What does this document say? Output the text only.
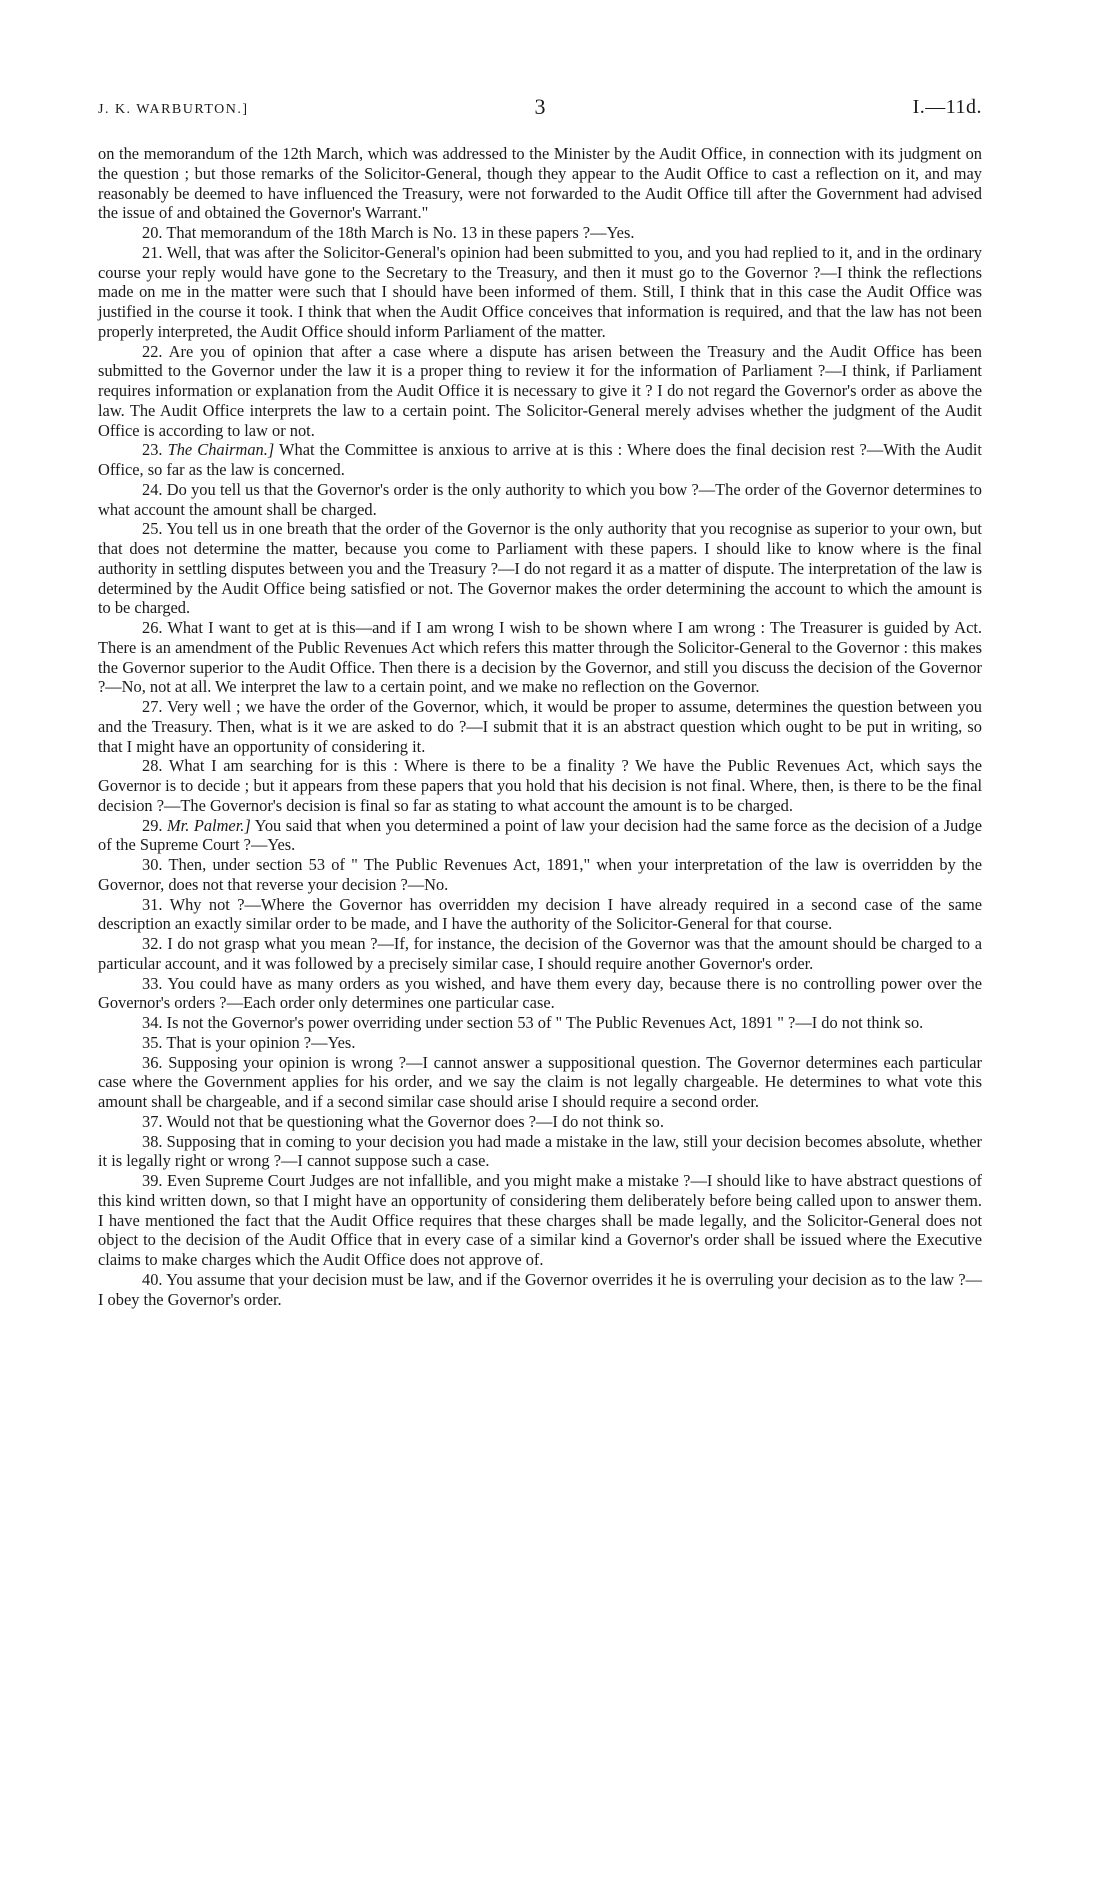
J. K. WARBURTON.]	3	I.—11d.

on the memorandum of the 12th March, which was addressed to the Minister by the Audit Office, in connection with its judgment on the question ; but those remarks of the Solicitor-General, though they appear to the Audit Office to cast a reflection on it, and may reasonably be deemed to have influenced the Treasury, were not forwarded to the Audit Office till after the Government had advised the issue of and obtained the Governor's Warrant."

20. That memorandum of the 18th March is No. 13 in these papers ?—Yes.

21. Well, that was after the Solicitor-General's opinion had been submitted to you, and you had replied to it, and in the ordinary course your reply would have gone to the Secretary to the Treasury, and then it must go to the Governor ?—I think the reflections made on me in the matter were such that I should have been informed of them. Still, I think that in this case the Audit Office was justified in the course it took. I think that when the Audit Office conceives that information is required, and that the law has not been properly interpreted, the Audit Office should inform Parliament of the matter.

22. Are you of opinion that after a case where a dispute has arisen between the Treasury and the Audit Office has been submitted to the Governor under the law it is a proper thing to review it for the information of Parliament ?—I think, if Parliament requires information or explanation from the Audit Office it is necessary to give it ? I do not regard the Governor's order as above the law. The Audit Office interprets the law to a certain point. The Solicitor-General merely advises whether the judgment of the Audit Office is according to law or not.

23. The Chairman.] What the Committee is anxious to arrive at is this : Where does the final decision rest ?—With the Audit Office, so far as the law is concerned.

24. Do you tell us that the Governor's order is the only authority to which you bow ?—The order of the Governor determines to what account the amount shall be charged.

25. You tell us in one breath that the order of the Governor is the only authority that you recognise as superior to your own, but that does not determine the matter, because you come to Parliament with these papers. I should like to know where is the final authority in settling disputes between you and the Treasury ?—I do not regard it as a matter of dispute. The interpretation of the law is determined by the Audit Office being satisfied or not. The Governor makes the order determining the account to which the amount is to be charged.

26. What I want to get at is this—and if I am wrong I wish to be shown where I am wrong : The Treasurer is guided by Act. There is an amendment of the Public Revenues Act which refers this matter through the Solicitor-General to the Governor : this makes the Governor superior to the Audit Office. Then there is a decision by the Governor, and still you discuss the decision of the Governor ?—No, not at all. We interpret the law to a certain point, and we make no reflection on the Governor.

27. Very well ; we have the order of the Governor, which, it would be proper to assume, determines the question between you and the Treasury. Then, what is it we are asked to do ?—I submit that it is an abstract question which ought to be put in writing, so that I might have an opportunity of considering it.

28. What I am searching for is this : Where is there to be a finality ? We have the Public Revenues Act, which says the Governor is to decide ; but it appears from these papers that you hold that his decision is not final. Where, then, is there to be the final decision ?—The Governor's decision is final so far as stating to what account the amount is to be charged.

29. Mr. Palmer.] You said that when you determined a point of law your decision had the same force as the decision of a Judge of the Supreme Court ?—Yes.

30. Then, under section 53 of " The Public Revenues Act, 1891," when your interpretation of the law is overridden by the Governor, does not that reverse your decision ?—No.

31. Why not ?—Where the Governor has overridden my decision I have already required in a second case of the same description an exactly similar order to be made, and I have the authority of the Solicitor-General for that course.

32. I do not grasp what you mean ?—If, for instance, the decision of the Governor was that the amount should be charged to a particular account, and it was followed by a precisely similar case, I should require another Governor's order.

33. You could have as many orders as you wished, and have them every day, because there is no controlling power over the Governor's orders ?—Each order only determines one particular case.

34. Is not the Governor's power overriding under section 53 of " The Public Revenues Act, 1891 " ?—I do not think so.

35. That is your opinion ?—Yes.

36. Supposing your opinion is wrong ?—I cannot answer a suppositional question. The Governor determines each particular case where the Government applies for his order, and we say the claim is not legally chargeable. He determines to what vote this amount shall be chargeable, and if a second similar case should arise I should require a second order.

37. Would not that be questioning what the Governor does ?—I do not think so.

38. Supposing that in coming to your decision you had made a mistake in the law, still your decision becomes absolute, whether it is legally right or wrong ?—I cannot suppose such a case.

39. Even Supreme Court Judges are not infallible, and you might make a mistake ?—I should like to have abstract questions of this kind written down, so that I might have an opportunity of considering them deliberately before being called upon to answer them. I have mentioned the fact that the Audit Office requires that these charges shall be made legally, and the Solicitor-General does not object to the decision of the Audit Office that in every case of a similar kind a Governor's order shall be issued where the Executive claims to make charges which the Audit Office does not approve of.

40. You assume that your decision must be law, and if the Governor overrides it he is overruling your decision as to the law ?—I obey the Governor's order.
